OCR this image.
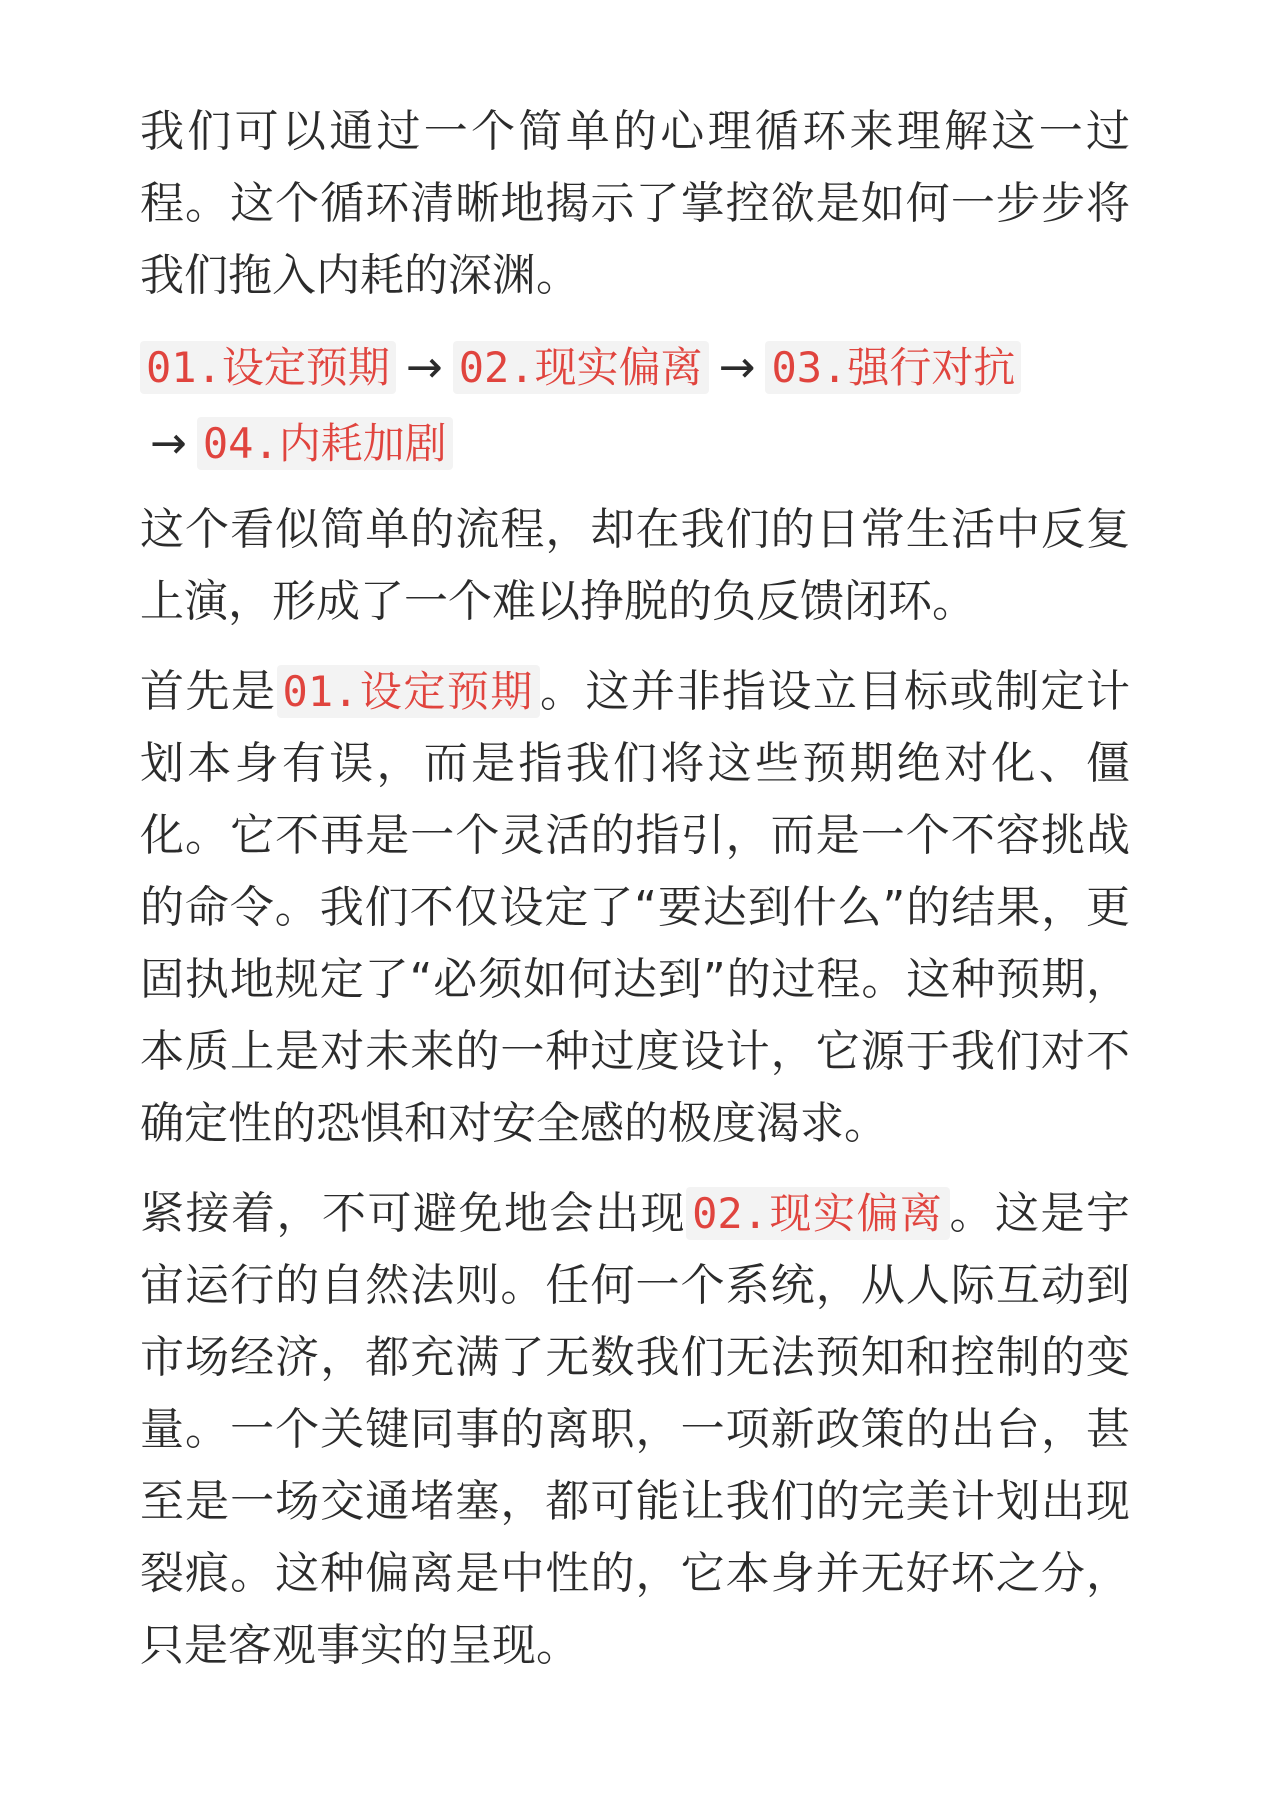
我们可以通过一个简单的心理循环来理解这一过程。这个循环清晰地揭示了掌控欲是如何一步步将我们拖入内耗的深渊。

01.设定预期 → 02.现实偏离 → 03.强行对抗→ 04.内耗加剧

这个看似简单的流程，却在我们的日常生活中反复上演，形成了一个难以挣脱的负反馈闭环。

首先是 01.设定预期 。这并非指设立目标或制定计划本身有误，而是指我们将这些预期绝对化、僵化。它不再是一个灵活的指引，而是一个不容挑战的命令。我们不仅设定了“要达到什么”的结果，更固执地规定了“必须如何达到”的过程。这种预期，本质上是对未来的一种过度设计，它源于我们对不确定性的恐惧和对安全感的极度渴求。

紧接着，不可避免地会出现 02.现实偏离 。这是宇宙运行的自然法则。任何一个系统，从人际互动到市场经济，都充满了无数我们无法预知和控制的变量。一个关键同事的离职，一项新政策的出台，甚至是一场交通堵塞，都可能让我们的完美计划出现裂痕。这种偏离是中性的，它本身并无好坏之分，只是客观事实的呈现。
